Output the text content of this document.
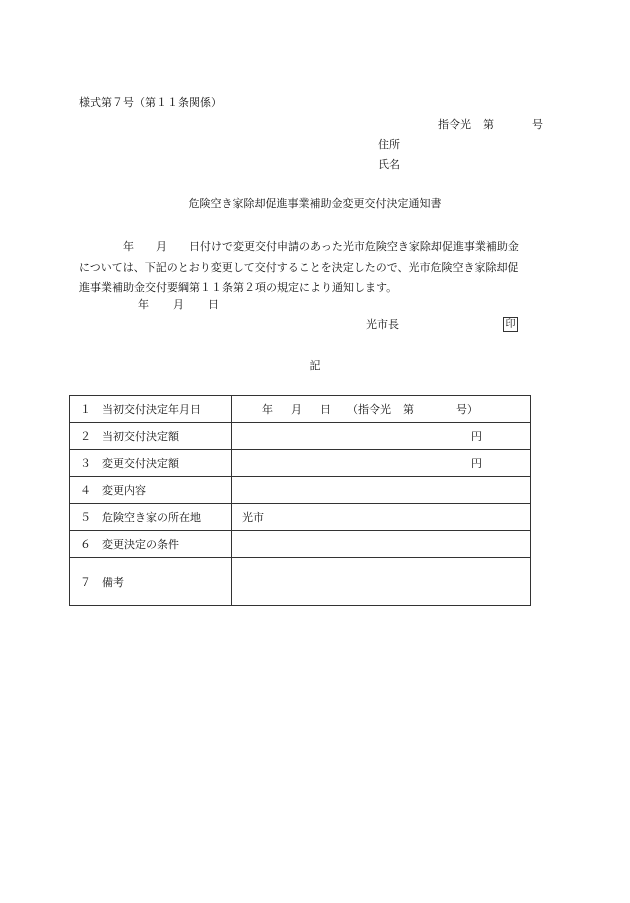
様式第７号（第１１条関係）
指令光 第	号
住所
氏名
危険空き家除却促進事業補助金変更交付決定通知書

　　　　年　　月　　日付けで変更交付申請のあった光市危険空き家除却促進事業補助金

については、下記のとおり変更して交付することを決定したので、光市危険空き家除却促

進事業補助金交付要綱第１１条第２項の規定により通知します。

年 月 日
光市長	印
記
１　当初交付決定年月日	年 月 日 （指令光 第 号）
２　当初交付決定額	円

３　変更交付決定額	円

４　変更内容	
５　危険空き家の所在地	光市
６　変更決定の条件	
７　備考	
